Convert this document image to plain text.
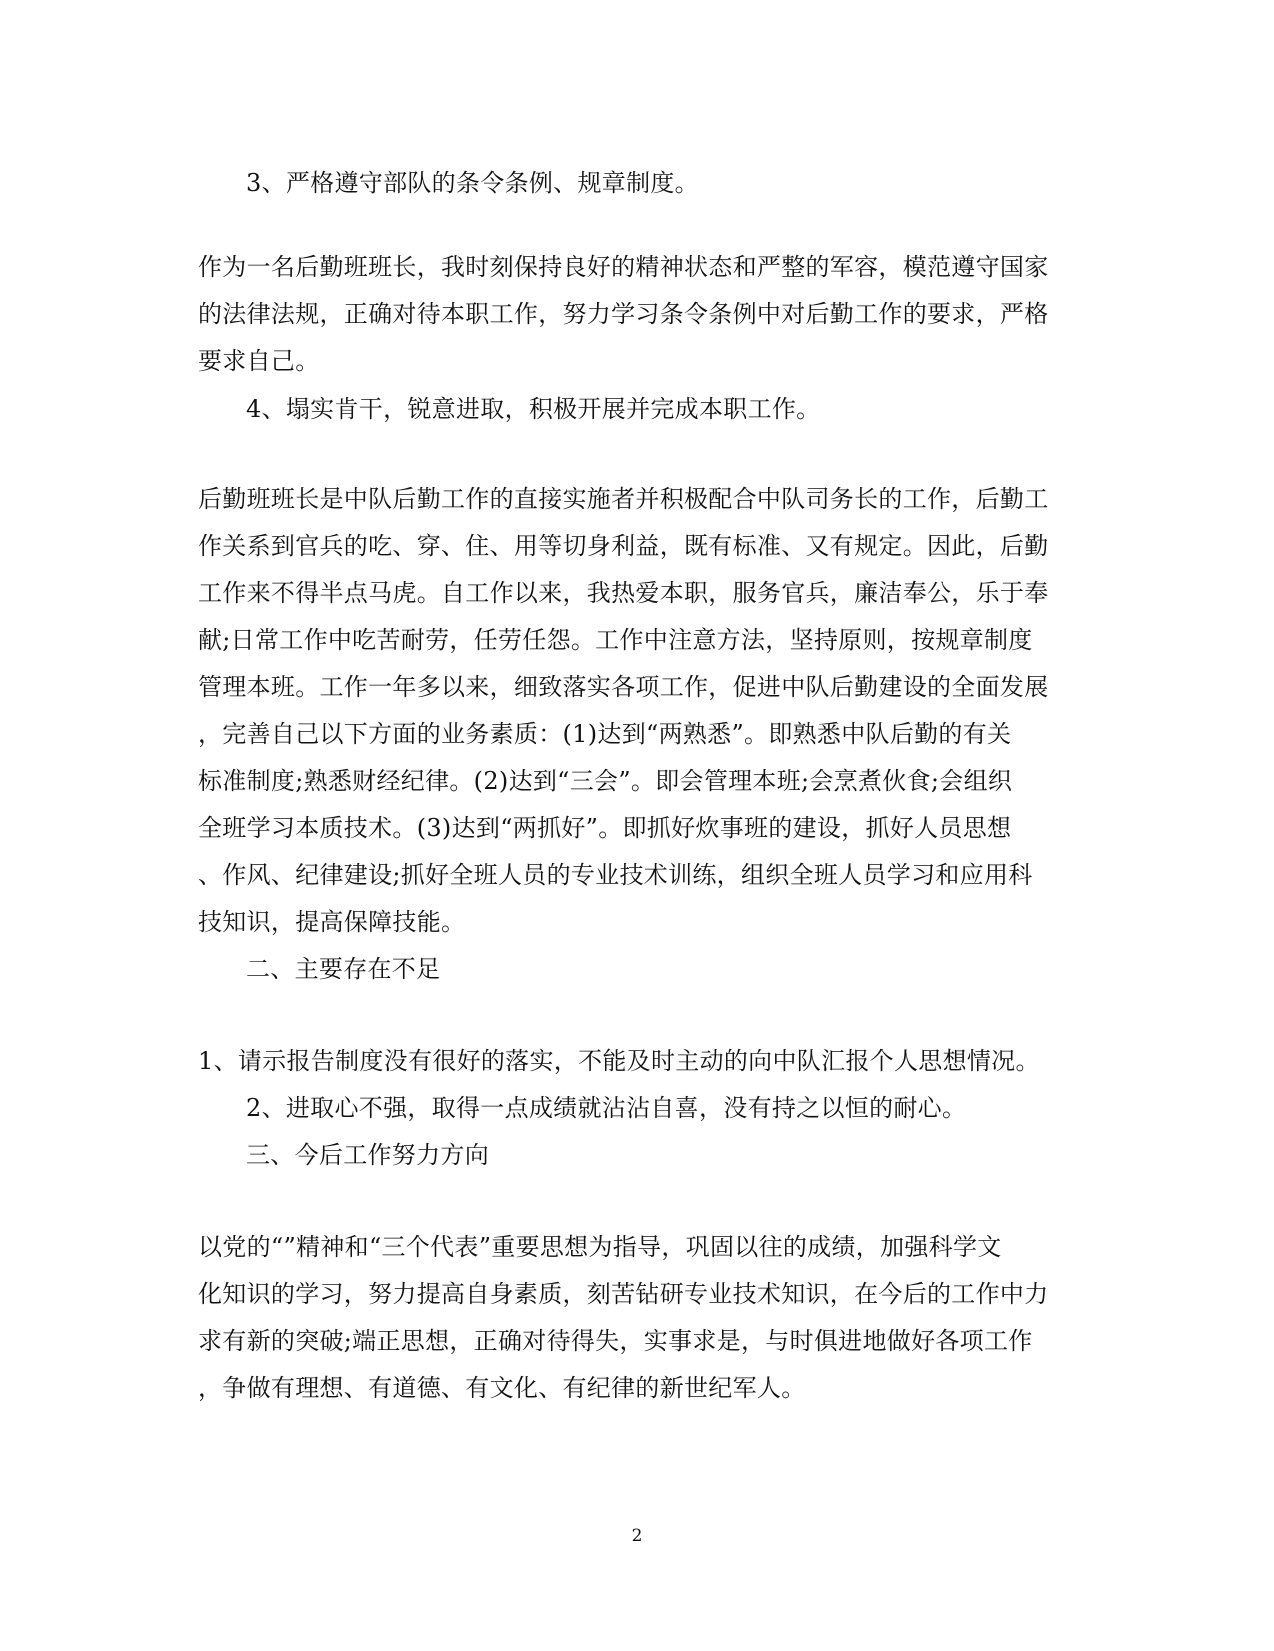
3、严格遵守部队的条令条例、规章制度。

作为一名后勤班班长，我时刻保持良好的精神状态和严整的军容，模范遵守国家

的法律法规，正确对待本职工作，努力学习条令条例中对后勤工作的要求，严格

要求自己。

4、塌实肯干，锐意进取，积极开展并完成本职工作。

后勤班班长是中队后勤工作的直接实施者并积极配合中队司务长的工作，后勤工

作关系到官兵的吃、穿、住、用等切身利益，既有标准、又有规定。因此，后勤

工作来不得半点马虎。自工作以来，我热爱本职，服务官兵，廉洁奉公，乐于奉

献;日常工作中吃苦耐劳，任劳任怨。工作中注意方法，坚持原则，按规章制度

管理本班。工作一年多以来，细致落实各项工作，促进中队后勤建设的全面发展

，完善自己以下方面的业务素质：(1)达到“两熟悉”。即熟悉中队后勤的有关

标准制度;熟悉财经纪律。(2)达到“三会”。即会管理本班;会烹煮伙食;会组织

全班学习本质技术。(3)达到“两抓好”。即抓好炊事班的建设，抓好人员思想

、作风、纪律建设;抓好全班人员的专业技术训练，组织全班人员学习和应用科

技知识，提高保障技能。

二、主要存在不足

1、请示报告制度没有很好的落实，不能及时主动的向中队汇报个人思想情况。

2、进取心不强，取得一点成绩就沾沾自喜，没有持之以恒的耐心。

三、今后工作努力方向

以党的“”精神和“三个代表”重要思想为指导，巩固以往的成绩，加强科学文

化知识的学习，努力提高自身素质，刻苦钻研专业技术知识，在今后的工作中力

求有新的突破;端正思想，正确对待得失，实事求是，与时俱进地做好各项工作

，争做有理想、有道德、有文化、有纪律的新世纪军人。

2
